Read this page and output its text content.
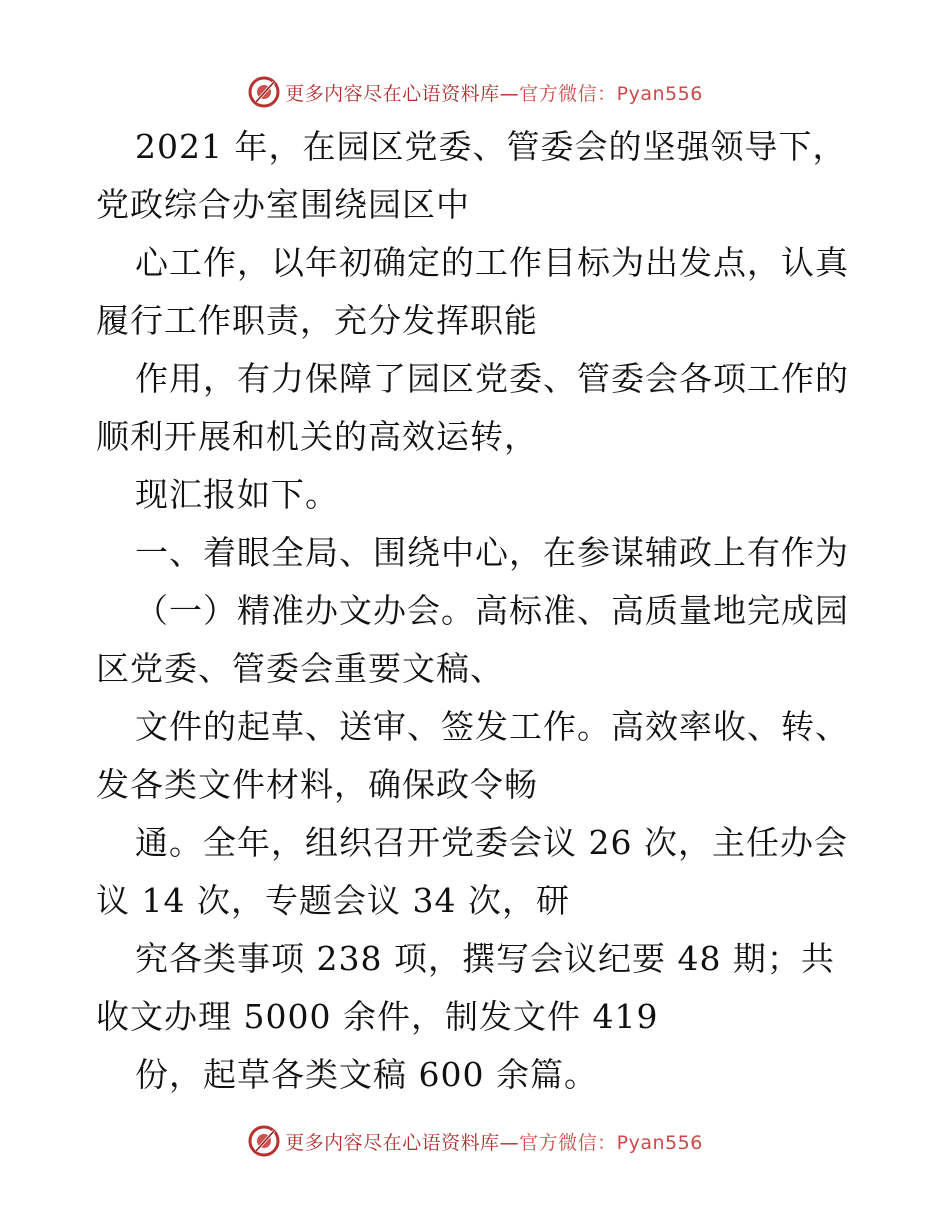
更多内容尽在心语资料库—官方微信：Pyan556
2021 年，在园区党委、管委会的坚强领导下，
党政综合办室围绕园区中
心工作，以年初确定的工作目标为出发点，认真
履行工作职责，充分发挥职能
作用，有力保障了园区党委、管委会各项工作的
顺利开展和机关的高效运转，
现汇报如下。
一、着眼全局、围绕中心，在参谋辅政上有作为
（一）精准办文办会。高标准、高质量地完成园
区党委、管委会重要文稿、
文件的起草、送审、签发工作。高效率收、转、
发各类文件材料，确保政令畅
通。全年，组织召开党委会议 26 次，主任办会
议 14 次，专题会议 34 次，研
究各类事项 238 项，撰写会议纪要 48 期；共
收文办理 5000 余件，制发文件 419
份，起草各类文稿 600 余篇。
更多内容尽在心语资料库—官方微信：Pyan556
